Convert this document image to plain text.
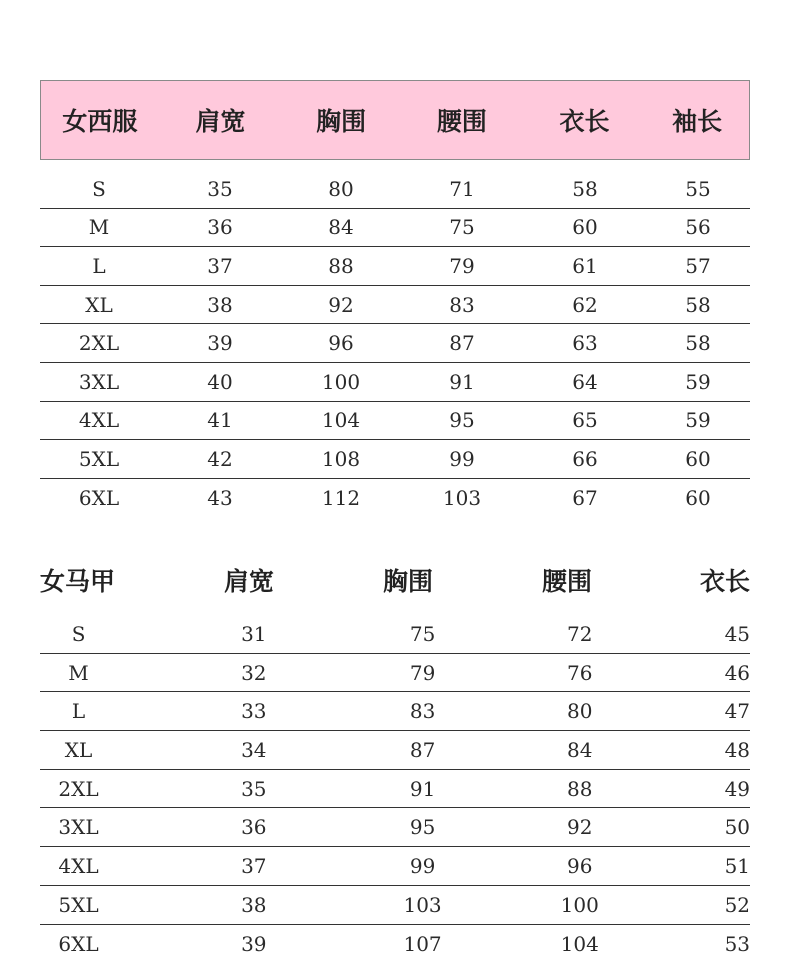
女西服	肩宽	胸围	腰围	衣长	袖长
S	35	80	71	58	55
M	36	84	75	60	56
L	37	88	79	61	57
XL	38	92	83	62	58
2XL	39	96	87	63	58
3XL	40	100	91	64	59
4XL	41	104	95	65	59
5XL	42	108	99	66	60
6XL	43	112	103	67	60
女马甲	肩宽	胸围	腰围	衣长
S	31	75	72	45
M	32	79	76	46
L	33	83	80	47
XL	34	87	84	48
2XL	35	91	88	49
3XL	36	95	92	50
4XL	37	99	96	51
5XL	38	103	100	52
6XL	39	107	104	53
